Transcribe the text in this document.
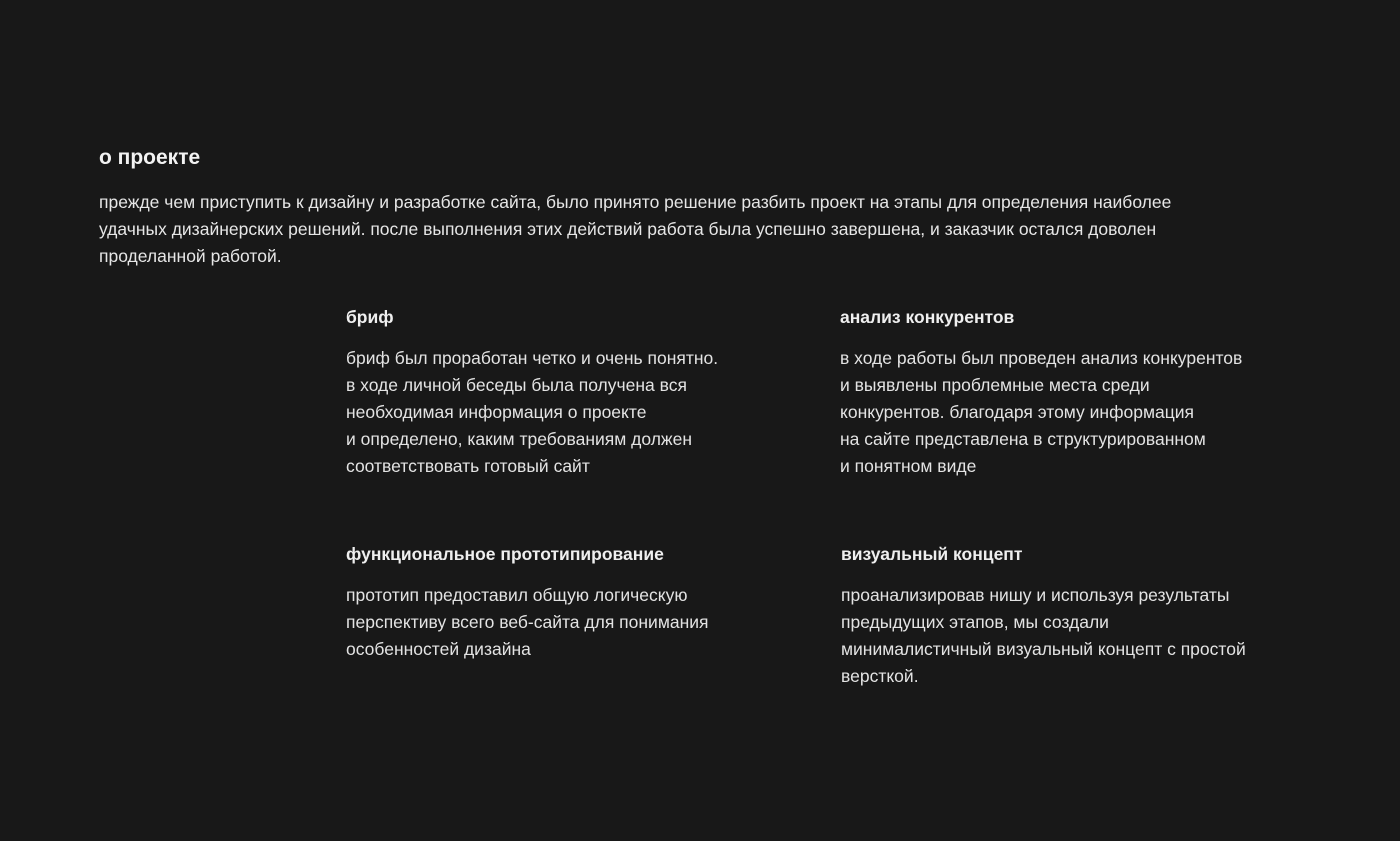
о проекте

прежде чем приступить к дизайну и разработке сайта, было принято решение разбить проект на этапы для определения наиболее
удачных дизайнерских решений. после выполнения этих действий работа была успешно завершена, и заказчик остался доволен
проделанной работой.

бриф

бриф был проработан четко и очень понятно.
в ходе личной беседы была получена вся
необходимая информация о проекте
и определено, каким требованиям должен
соответствовать готовый сайт

анализ конкурентов

в ходе работы был проведен анализ конкурентов
и выявлены проблемные места среди
конкурентов. благодаря этому информация
на сайте представлена в структурированном
и понятном виде

функциональное прототипирование

прототип предоставил общую логическую
перспективу всего веб-сайта для понимания
особенностей дизайна

визуальный концепт

проанализировав нишу и используя результаты
предыдущих этапов, мы создали
минималистичный визуальный концепт с простой
версткой.
